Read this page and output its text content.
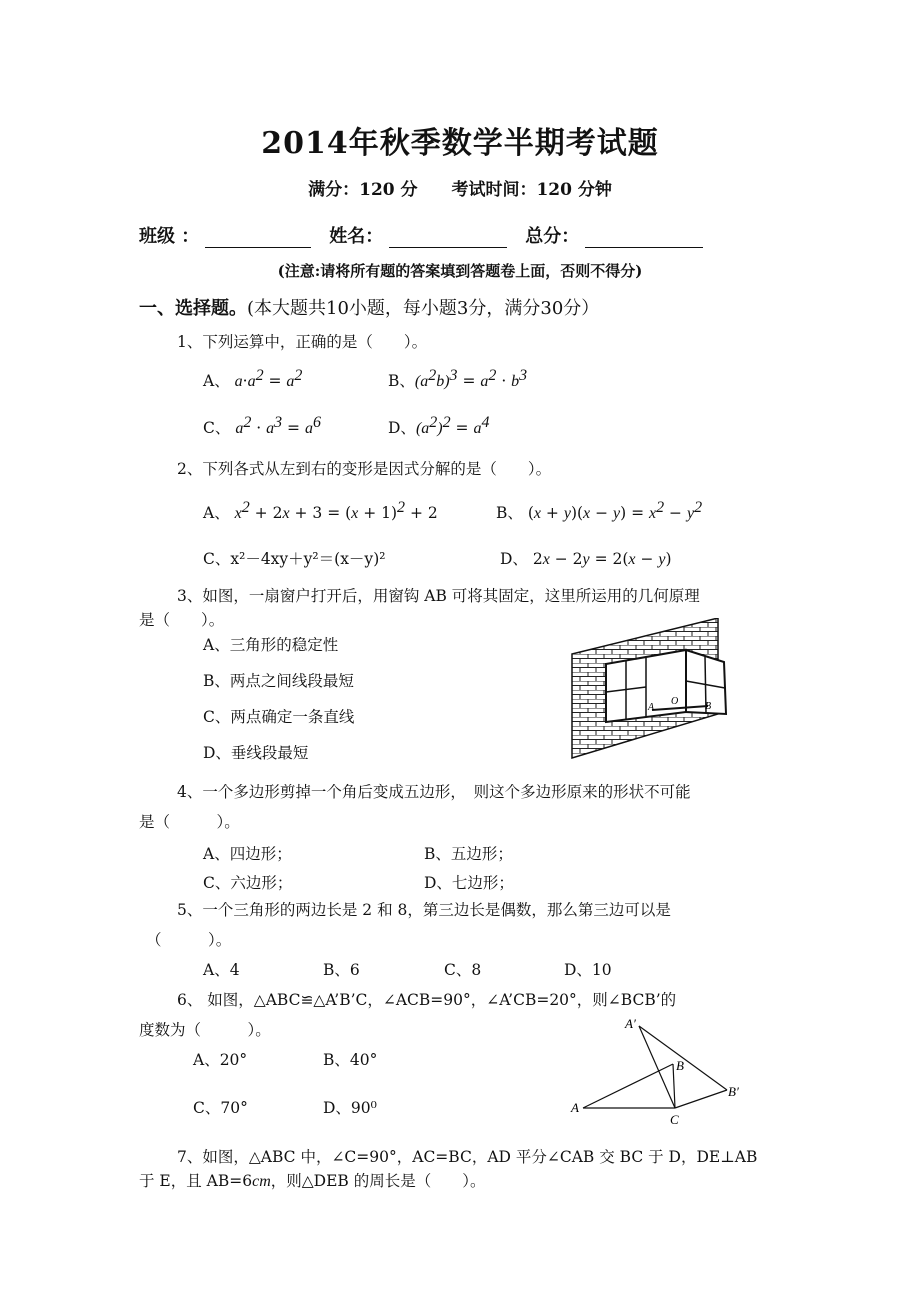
2014年秋季数学半期考试题
满分：120 分 考试时间：120 分钟
班级 ：	姓名：	总分：
(注意:请将所有题的答案填到答题卷上面，否则不得分)
一、选择题。(本大题共10小题，每小题3分，满分30分）
1、下列运算中，正确的是（　　）。
A、 $a\cdot a^2 = a^2$	B、$(a^2b)^3 = a^2 \cdot b^3$
C、 $a^2 \cdot a^3 = a^6$	D、$(a^2)^2 = a^4$
2、下列各式从左到右的变形是因式分解的是（　　）。
A、 $x^2 + 2x + 3 = (x + 1)^2 + 2$	B、 $(x + y)(x - y) = x^2 - y^2$
C、x²－4xy＋y²＝(x－y)²	D、 2x − 2y = 2(x − y)
3、如图，一扇窗户打开后，用窗钩 AB 可将其固定，这里所运用的几何原理
是（　　）。
A、三角形的稳定性
B、两点之间线段最短
C、两点确定一条直线
D、垂线段最短
A
O	B
4、一个多边形剪掉一个角后变成五边形，　则这个多边形原来的形状不可能
是（　　　）。
A、四边形；	B、五边形；
C、六边形；	D、七边形；
5、一个三角形的两边长是 2 和 8，第三边长是偶数，那么第三边可以是
（　　　）。
A、4	B、6	C、8	D、10
6、 如图，△ABC≌△A’B’C，∠ACB=90°，∠A’CB=20°，则∠BCB’的
度数为（　　　）。
A、20°	B、40°
C、70°	D、90⁰
A′
B
B′
A
C
7、如图，△ABC 中，∠C=90°，AC=BC，AD 平分∠CAB 交 BC 于 D，DE⊥AB
于 E，且 AB=6cm，则△DEB 的周长是（　　）。
